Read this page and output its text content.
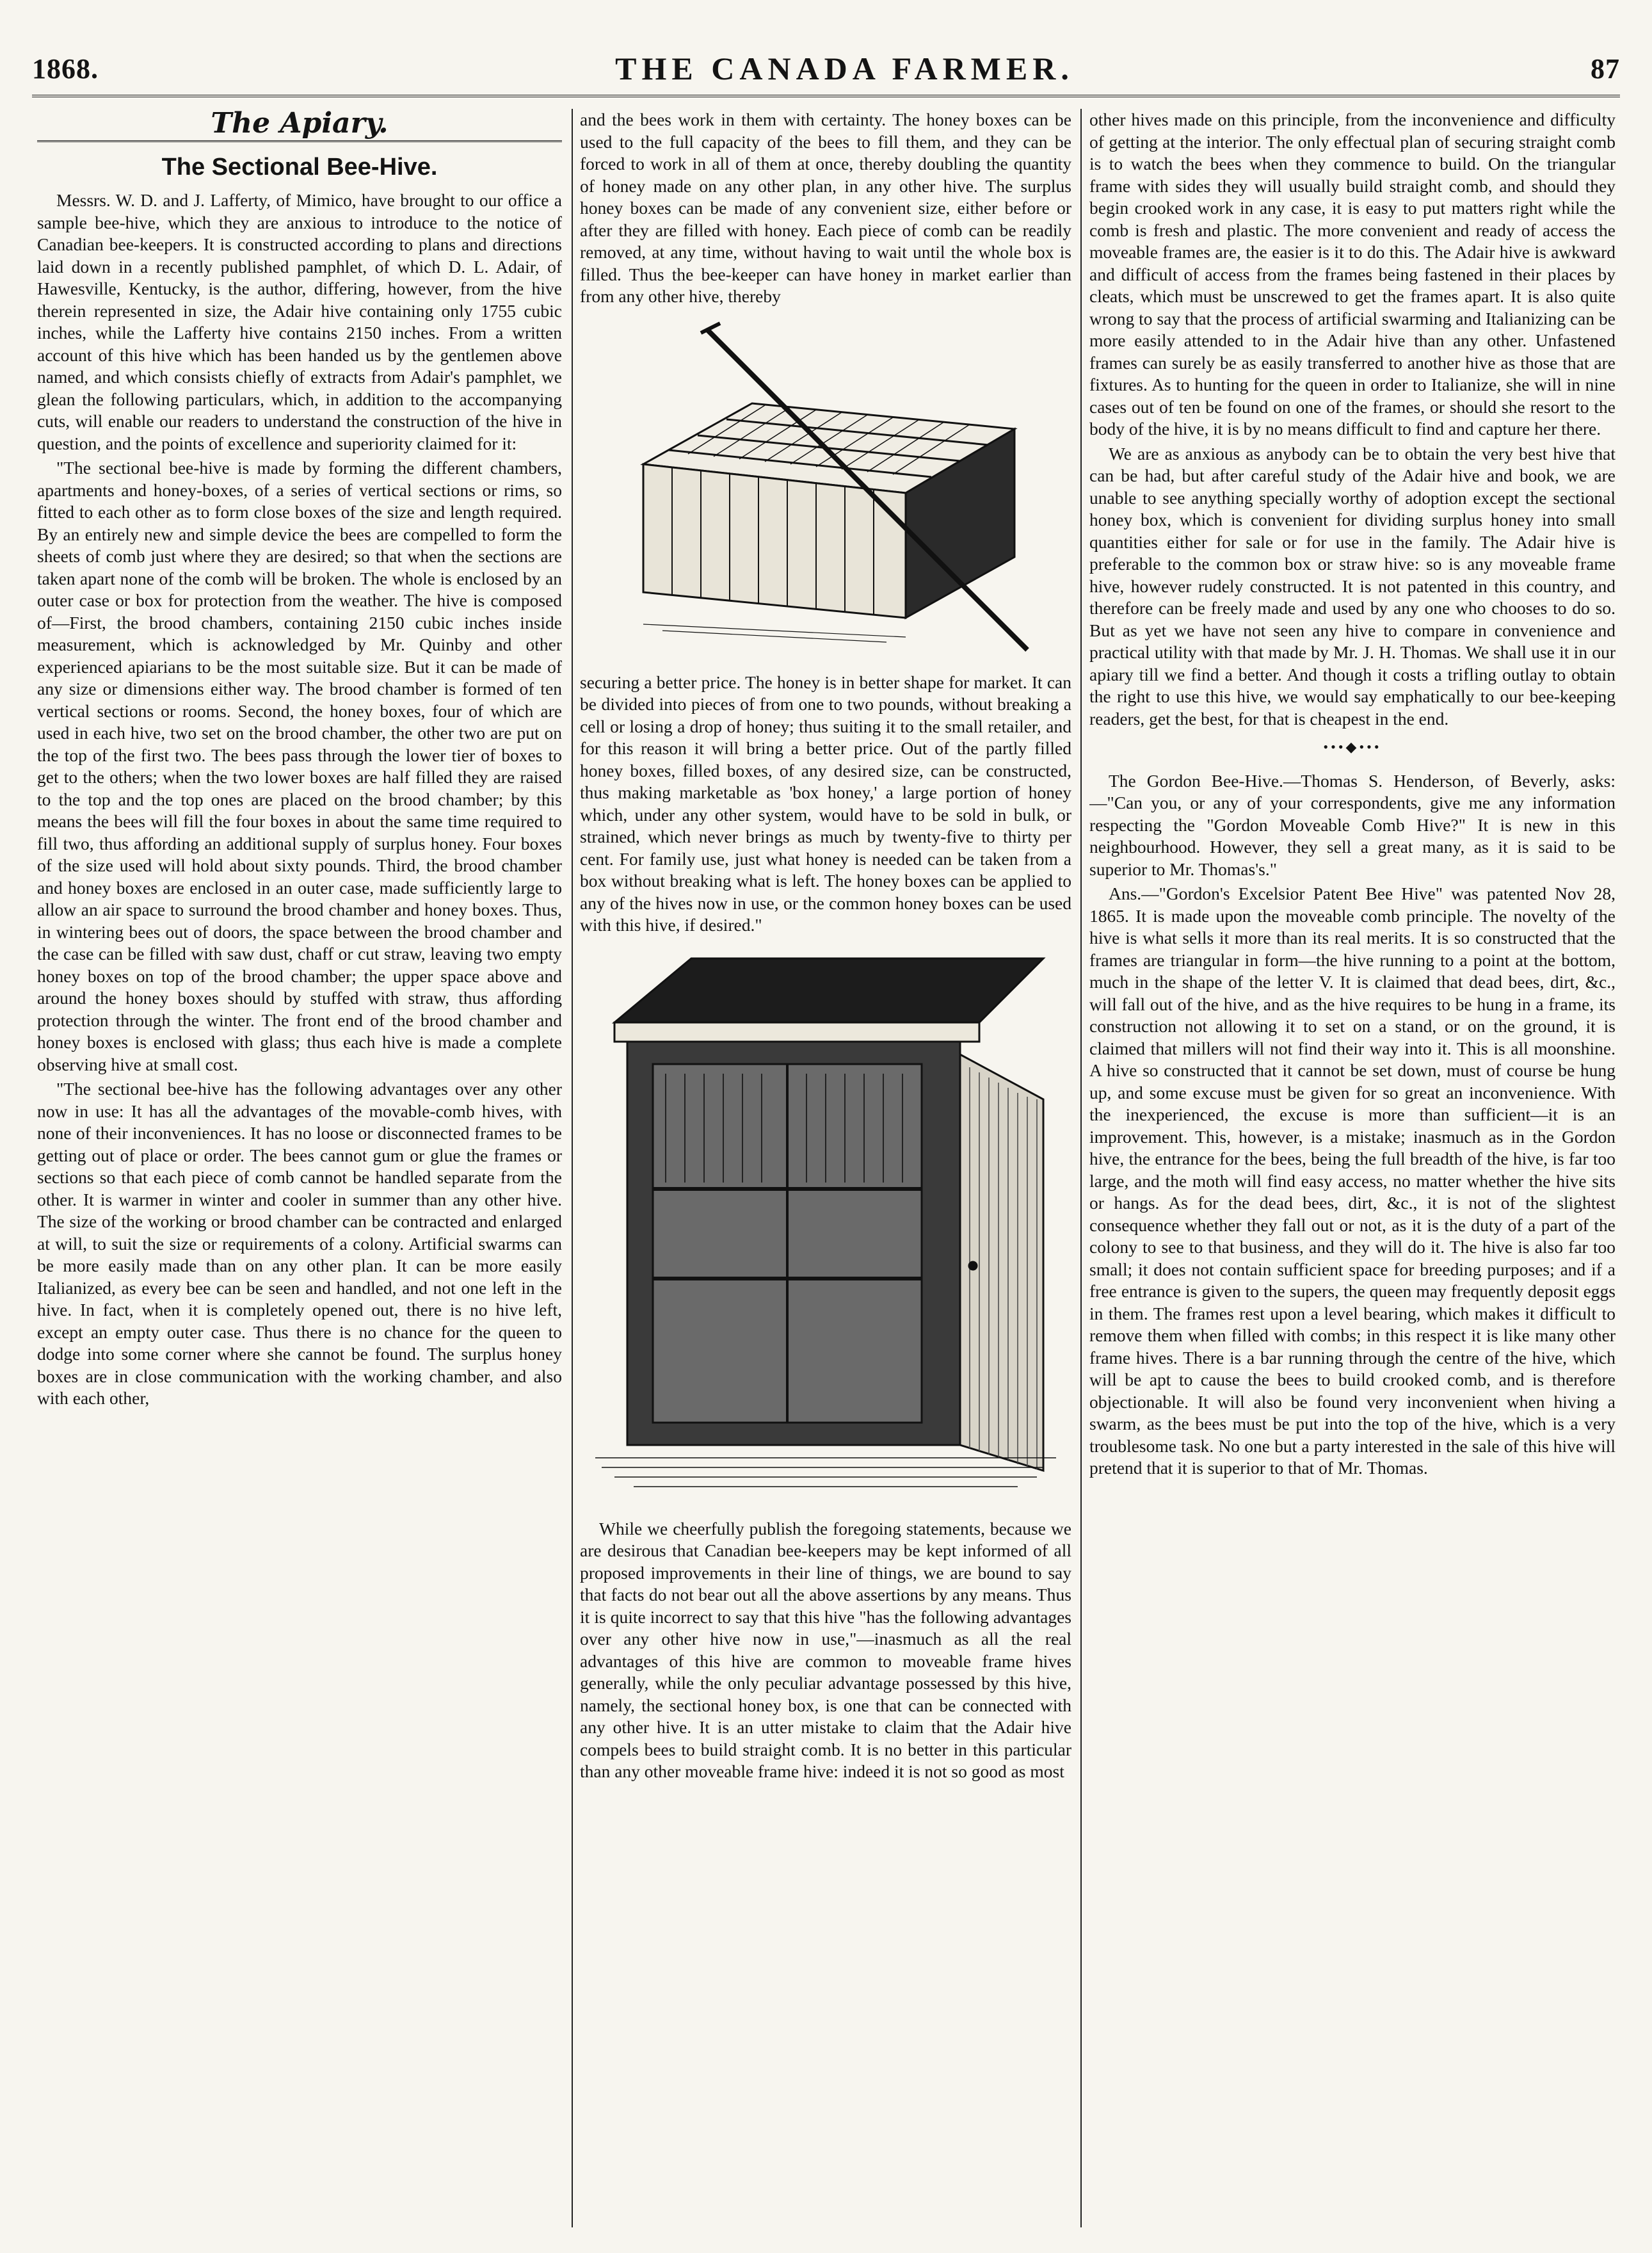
1868.	THE CANADA FARMER.	87
The Apiary.
The Sectional Bee-Hive.

Messrs. W. D. and J. Lafferty, of Mimico, have brought to our office a sample bee-hive, which they are anxious to introduce to the notice of Canadian bee-keepers. It is constructed according to plans and directions laid down in a recently published pamphlet, of which D. L. Adair, of Hawesville, Kentucky, is the author, differing, however, from the hive therein represented in size, the Adair hive containing only 1755 cubic inches, while the Lafferty hive contains 2150 inches. From a written account of this hive which has been handed us by the gentlemen above named, and which consists chiefly of extracts from Adair's pamphlet, we glean the following particulars, which, in addition to the accompanying cuts, will enable our readers to understand the construction of the hive in question, and the points of excellence and superiority claimed for it:

"The sectional bee-hive is made by forming the different chambers, apartments and honey-boxes, of a series of vertical sections or rims, so fitted to each other as to form close boxes of the size and length required. By an entirely new and simple device the bees are compelled to form the sheets of comb just where they are desired; so that when the sections are taken apart none of the comb will be broken. The whole is enclosed by an outer case or box for protection from the weather. The hive is composed of—First, the brood chambers, containing 2150 cubic inches inside measurement, which is acknowledged by Mr. Quinby and other experienced apiarians to be the most suitable size. But it can be made of any size or dimensions either way. The brood chamber is formed of ten vertical sections or rooms. Second, the honey boxes, four of which are used in each hive, two set on the brood chamber, the other two are put on the top of the first two. The bees pass through the lower tier of boxes to get to the others; when the two lower boxes are half filled they are raised to the top and the top ones are placed on the brood chamber; by this means the bees will fill the four boxes in about the same time required to fill two, thus affording an additional supply of surplus honey. Four boxes of the size used will hold about sixty pounds. Third, the brood chamber and honey boxes are enclosed in an outer case, made sufficiently large to allow an air space to surround the brood chamber and honey boxes. Thus, in wintering bees out of doors, the space between the brood chamber and the case can be filled with saw dust, chaff or cut straw, leaving two empty honey boxes on top of the brood chamber; the upper space above and around the honey boxes should by stuffed with straw, thus affording protection through the winter. The front end of the brood chamber and honey boxes is enclosed with glass; thus each hive is made a complete observing hive at small cost.

"The sectional bee-hive has the following advantages over any other now in use: It has all the advantages of the movable-comb hives, with none of their inconveniences. It has no loose or disconnected frames to be getting out of place or order. The bees cannot gum or glue the frames or sections so that each piece of comb cannot be handled separate from the other. It is warmer in winter and cooler in summer than any other hive. The size of the working or brood chamber can be contracted and enlarged at will, to suit the size or requirements of a colony. Artificial swarms can be more easily made than on any other plan. It can be more easily Italianized, as every bee can be seen and handled, and not one left in the hive. In fact, when it is completely opened out, there is no hive left, except an empty outer case. Thus there is no chance for the queen to dodge into some corner where she cannot be found. The surplus honey boxes are in close communication with the working chamber, and also with each other,

and the bees work in them with certainty. The honey boxes can be used to the full capacity of the bees to fill them, and they can be forced to work in all of them at once, thereby doubling the quantity of honey made on any other plan, in any other hive. The surplus honey boxes can be made of any convenient size, either before or after they are filled with honey. Each piece of comb can be readily removed, at any time, without having to wait until the whole box is filled. Thus the bee-keeper can have honey in market earlier than from any other hive, thereby

securing a better price. The honey is in better shape for market. It can be divided into pieces of from one to two pounds, without breaking a cell or losing a drop of honey; thus suiting it to the small retailer, and for this reason it will bring a better price. Out of the partly filled honey boxes, filled boxes, of any desired size, can be constructed, thus making marketable as 'box honey,' a large portion of honey which, under any other system, would have to be sold in bulk, or strained, which never brings as much by twenty-five to thirty per cent. For family use, just what honey is needed can be taken from a box without breaking what is left. The honey boxes can be applied to any of the hives now in use, or the common honey boxes can be used with this hive, if desired."

While we cheerfully publish the foregoing statements, because we are desirous that Canadian bee-keepers may be kept informed of all proposed improvements in their line of things, we are bound to say that facts do not bear out all the above assertions by any means. Thus it is quite incorrect to say that this hive "has the following advantages over any other hive now in use,"—inasmuch as all the real advantages of this hive are common to moveable frame hives generally, while the only peculiar advantage possessed by this hive, namely, the sectional honey box, is one that can be connected with any other hive. It is an utter mistake to claim that the Adair hive compels bees to build straight comb. It is no better in this particular than any other moveable frame hive: indeed it is not so good as most

other hives made on this principle, from the inconvenience and difficulty of getting at the interior. The only effectual plan of securing straight comb is to watch the bees when they commence to build. On the triangular frame with sides they will usually build straight comb, and should they begin crooked work in any case, it is easy to put matters right while the comb is fresh and plastic. The more convenient and ready of access the moveable frames are, the easier is it to do this. The Adair hive is awkward and difficult of access from the frames being fastened in their places by cleats, which must be unscrewed to get the frames apart. It is also quite wrong to say that the process of artificial swarming and Italianizing can be more easily attended to in the Adair hive than any other. Unfastened frames can surely be as easily transferred to another hive as those that are fixtures. As to hunting for the queen in order to Italianize, she will in nine cases out of ten be found on one of the frames, or should she resort to the body of the hive, it is by no means difficult to find and capture her there.

We are as anxious as anybody can be to obtain the very best hive that can be had, but after careful study of the Adair hive and book, we are unable to see anything specially worthy of adoption except the sectional honey box, which is convenient for dividing surplus honey into small quantities either for sale or for use in the family. The Adair hive is preferable to the common box or straw hive: so is any moveable frame hive, however rudely constructed. It is not patented in this country, and therefore can be freely made and used by any one who chooses to do so. But as yet we have not seen any hive to compare in convenience and practical utility with that made by Mr. J. H. Thomas. We shall use it in our apiary till we find a better. And though it costs a trifling outlay to obtain the right to use this hive, we would say emphatically to our bee-keeping readers, get the best, for that is cheapest in the end.

•••◆•••

The Gordon Bee-Hive.—Thomas S. Henderson, of Beverly, asks:—"Can you, or any of your correspondents, give me any information respecting the "Gordon Moveable Comb Hive?" It is new in this neighbourhood. However, they sell a great many, as it is said to be superior to Mr. Thomas's."

Ans.—"Gordon's Excelsior Patent Bee Hive" was patented Nov 28, 1865. It is made upon the moveable comb principle. The novelty of the hive is what sells it more than its real merits. It is so constructed that the frames are triangular in form—the hive running to a point at the bottom, much in the shape of the letter V. It is claimed that dead bees, dirt, &c., will fall out of the hive, and as the hive requires to be hung in a frame, its construction not allowing it to set on a stand, or on the ground, it is claimed that millers will not find their way into it. This is all moonshine. A hive so constructed that it cannot be set down, must of course be hung up, and some excuse must be given for so great an inconvenience. With the inexperienced, the excuse is more than sufficient—it is an improvement. This, however, is a mistake; inasmuch as in the Gordon hive, the entrance for the bees, being the full breadth of the hive, is far too large, and the moth will find easy access, no matter whether the hive sits or hangs. As for the dead bees, dirt, &c., it is not of the slightest consequence whether they fall out or not, as it is the duty of a part of the colony to see to that business, and they will do it. The hive is also far too small; it does not contain sufficient space for breeding purposes; and if a free entrance is given to the supers, the queen may frequently deposit eggs in them. The frames rest upon a level bearing, which makes it difficult to remove them when filled with combs; in this respect it is like many other frame hives. There is a bar running through the centre of the hive, which will be apt to cause the bees to build crooked comb, and is therefore objectionable. It will also be found very inconvenient when hiving a swarm, as the bees must be put into the top of the hive, which is a very troublesome task. No one but a party interested in the sale of this hive will pretend that it is superior to that of Mr. Thomas.
